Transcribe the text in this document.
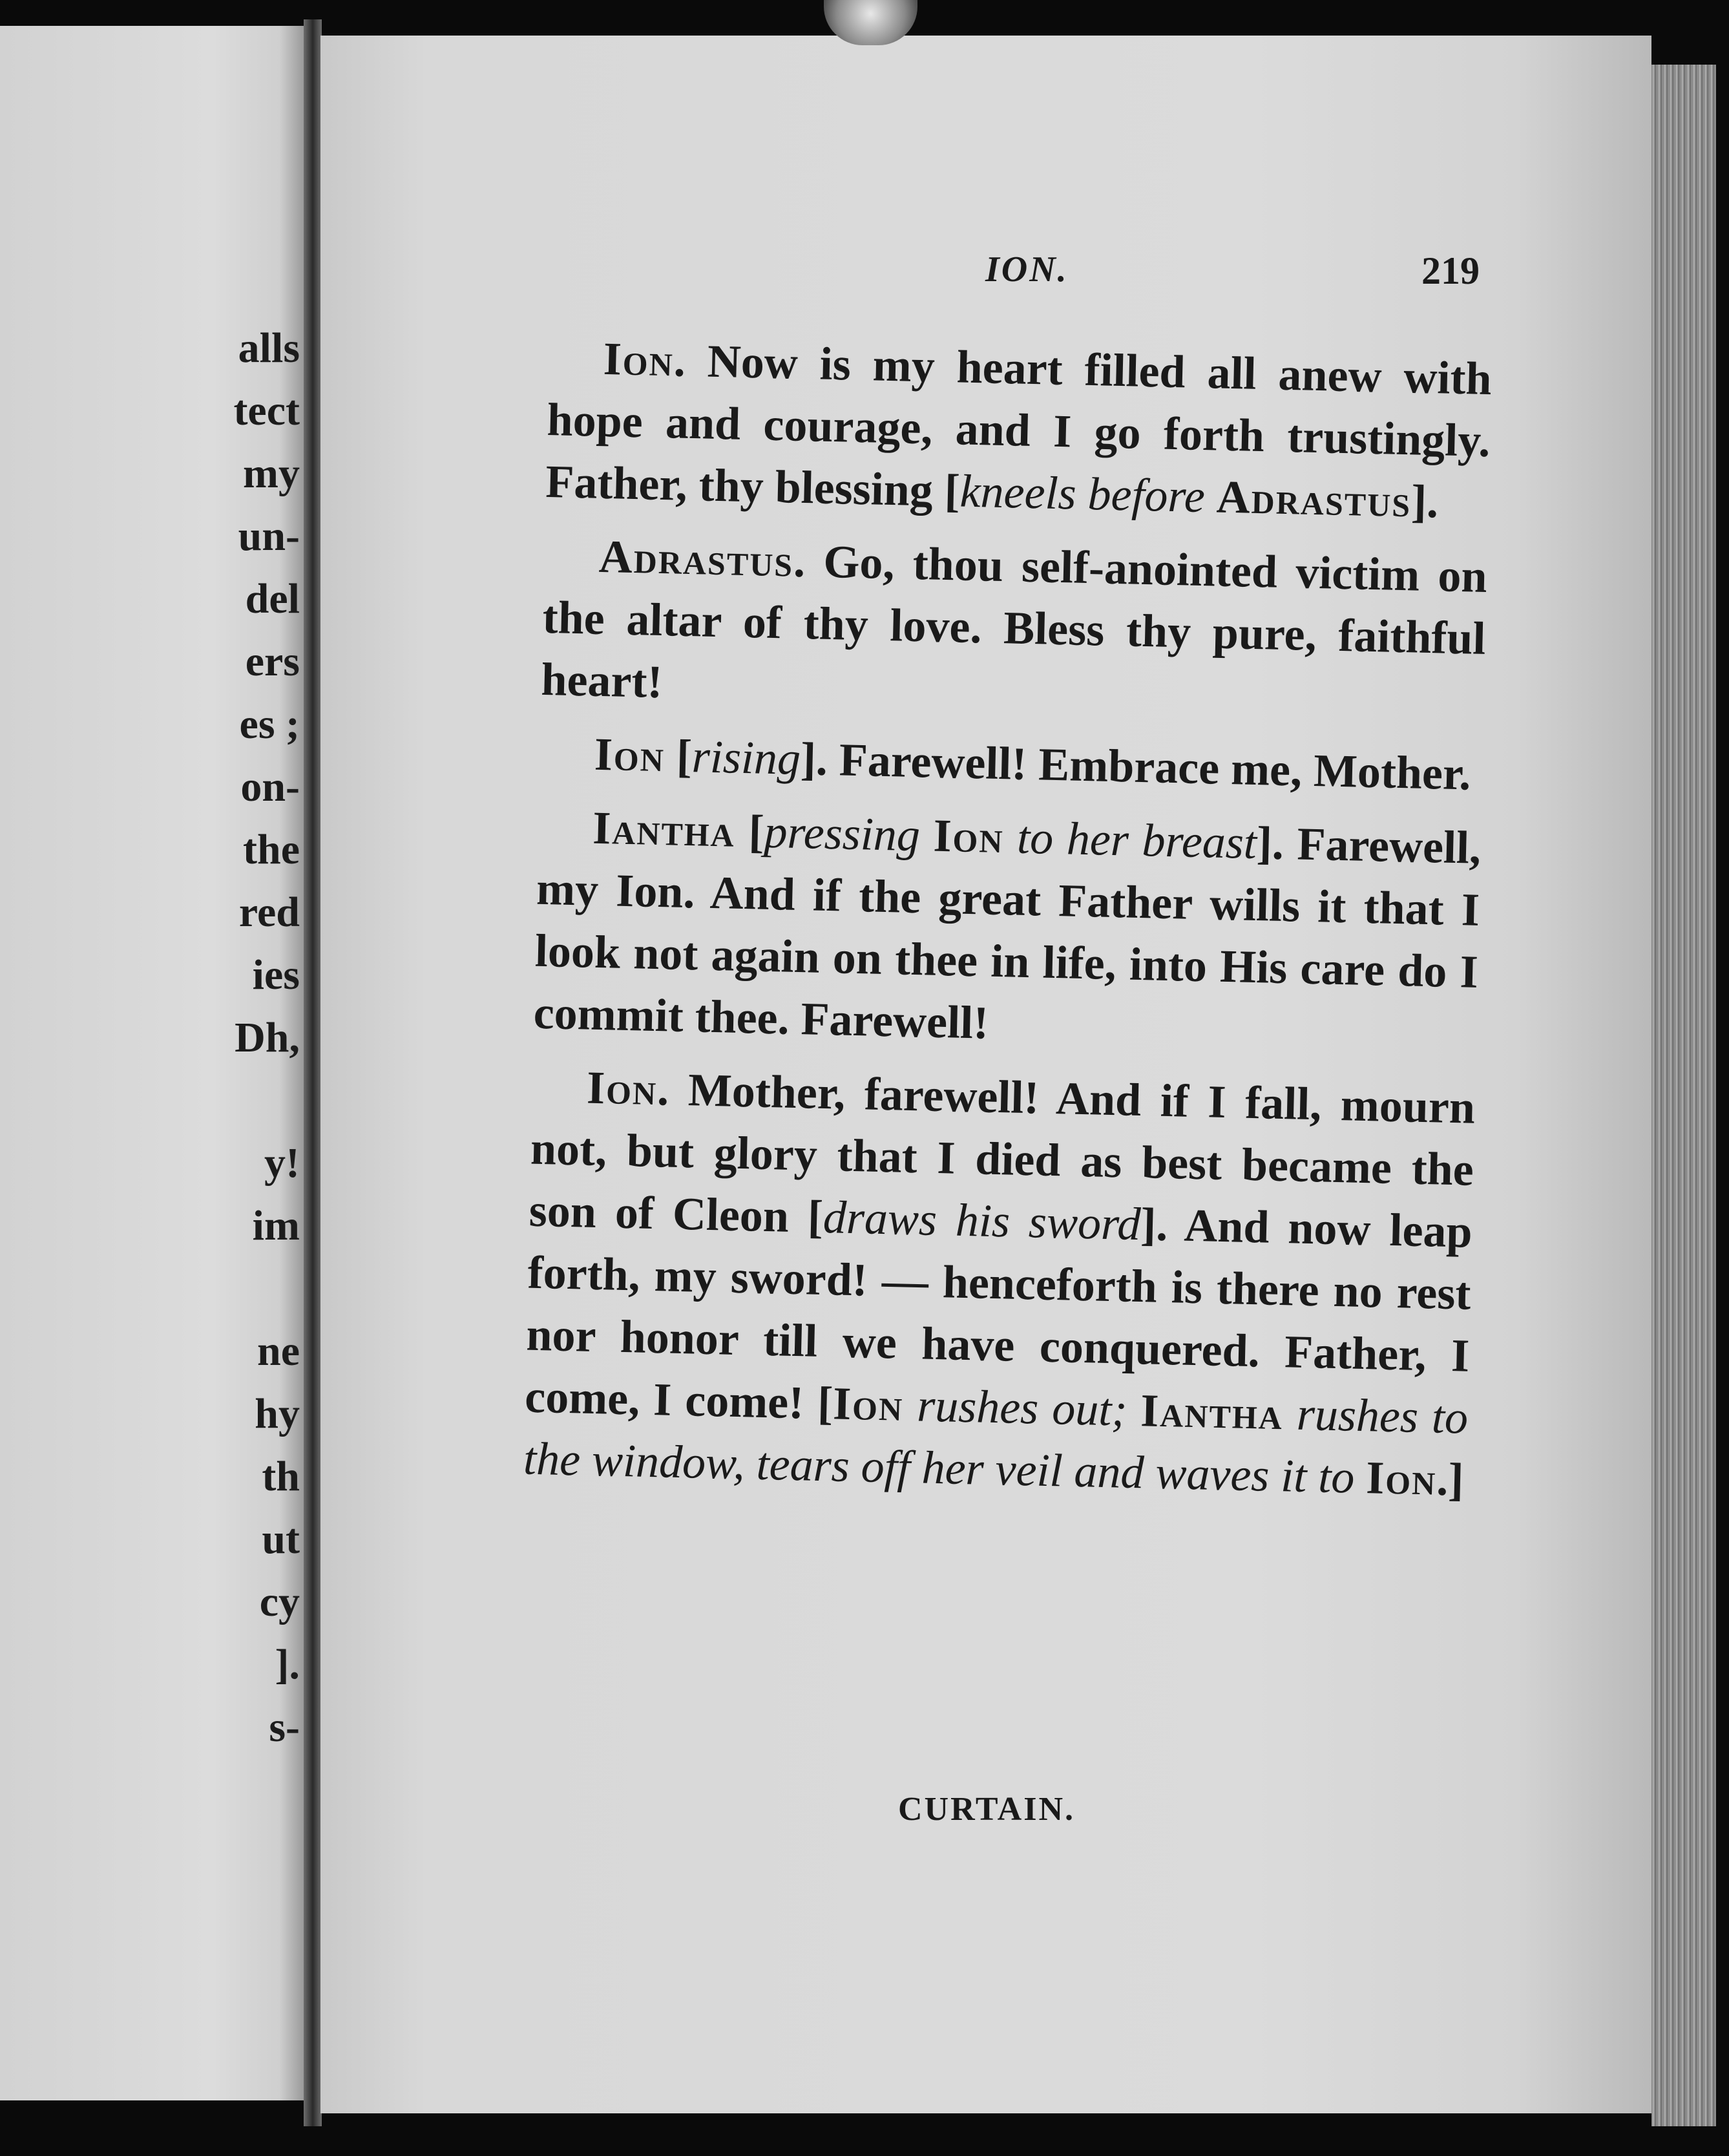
alls
tect
my
un-
del
ers
es ;
on-
the
red
ies
Dh,
y!
im
ne
hy
th
ut
cy
].
s-
ION.	219

Ion. Now is my heart filled all anew with hope and courage, and I go forth trustingly. Father, thy blessing [kneels before Adrastus].

Adrastus. Go, thou self-anointed victim on the altar of thy love. Bless thy pure, faithful heart!

Ion [rising]. Farewell! Embrace me, Mother.

Iantha [pressing Ion to her breast]. Farewell, my Ion. And if the great Father wills it that I look not again on thee in life, into His care do I commit thee. Farewell!

Ion. Mother, farewell! And if I fall, mourn not, but glory that I died as best became the son of Cleon [draws his sword]. And now leap forth, my sword! — henceforth is there no rest nor honor till we have conquered. Father, I come, I come! [Ion rushes out; Iantha rushes to the window, tears off her veil and waves it to Ion.]

CURTAIN.
